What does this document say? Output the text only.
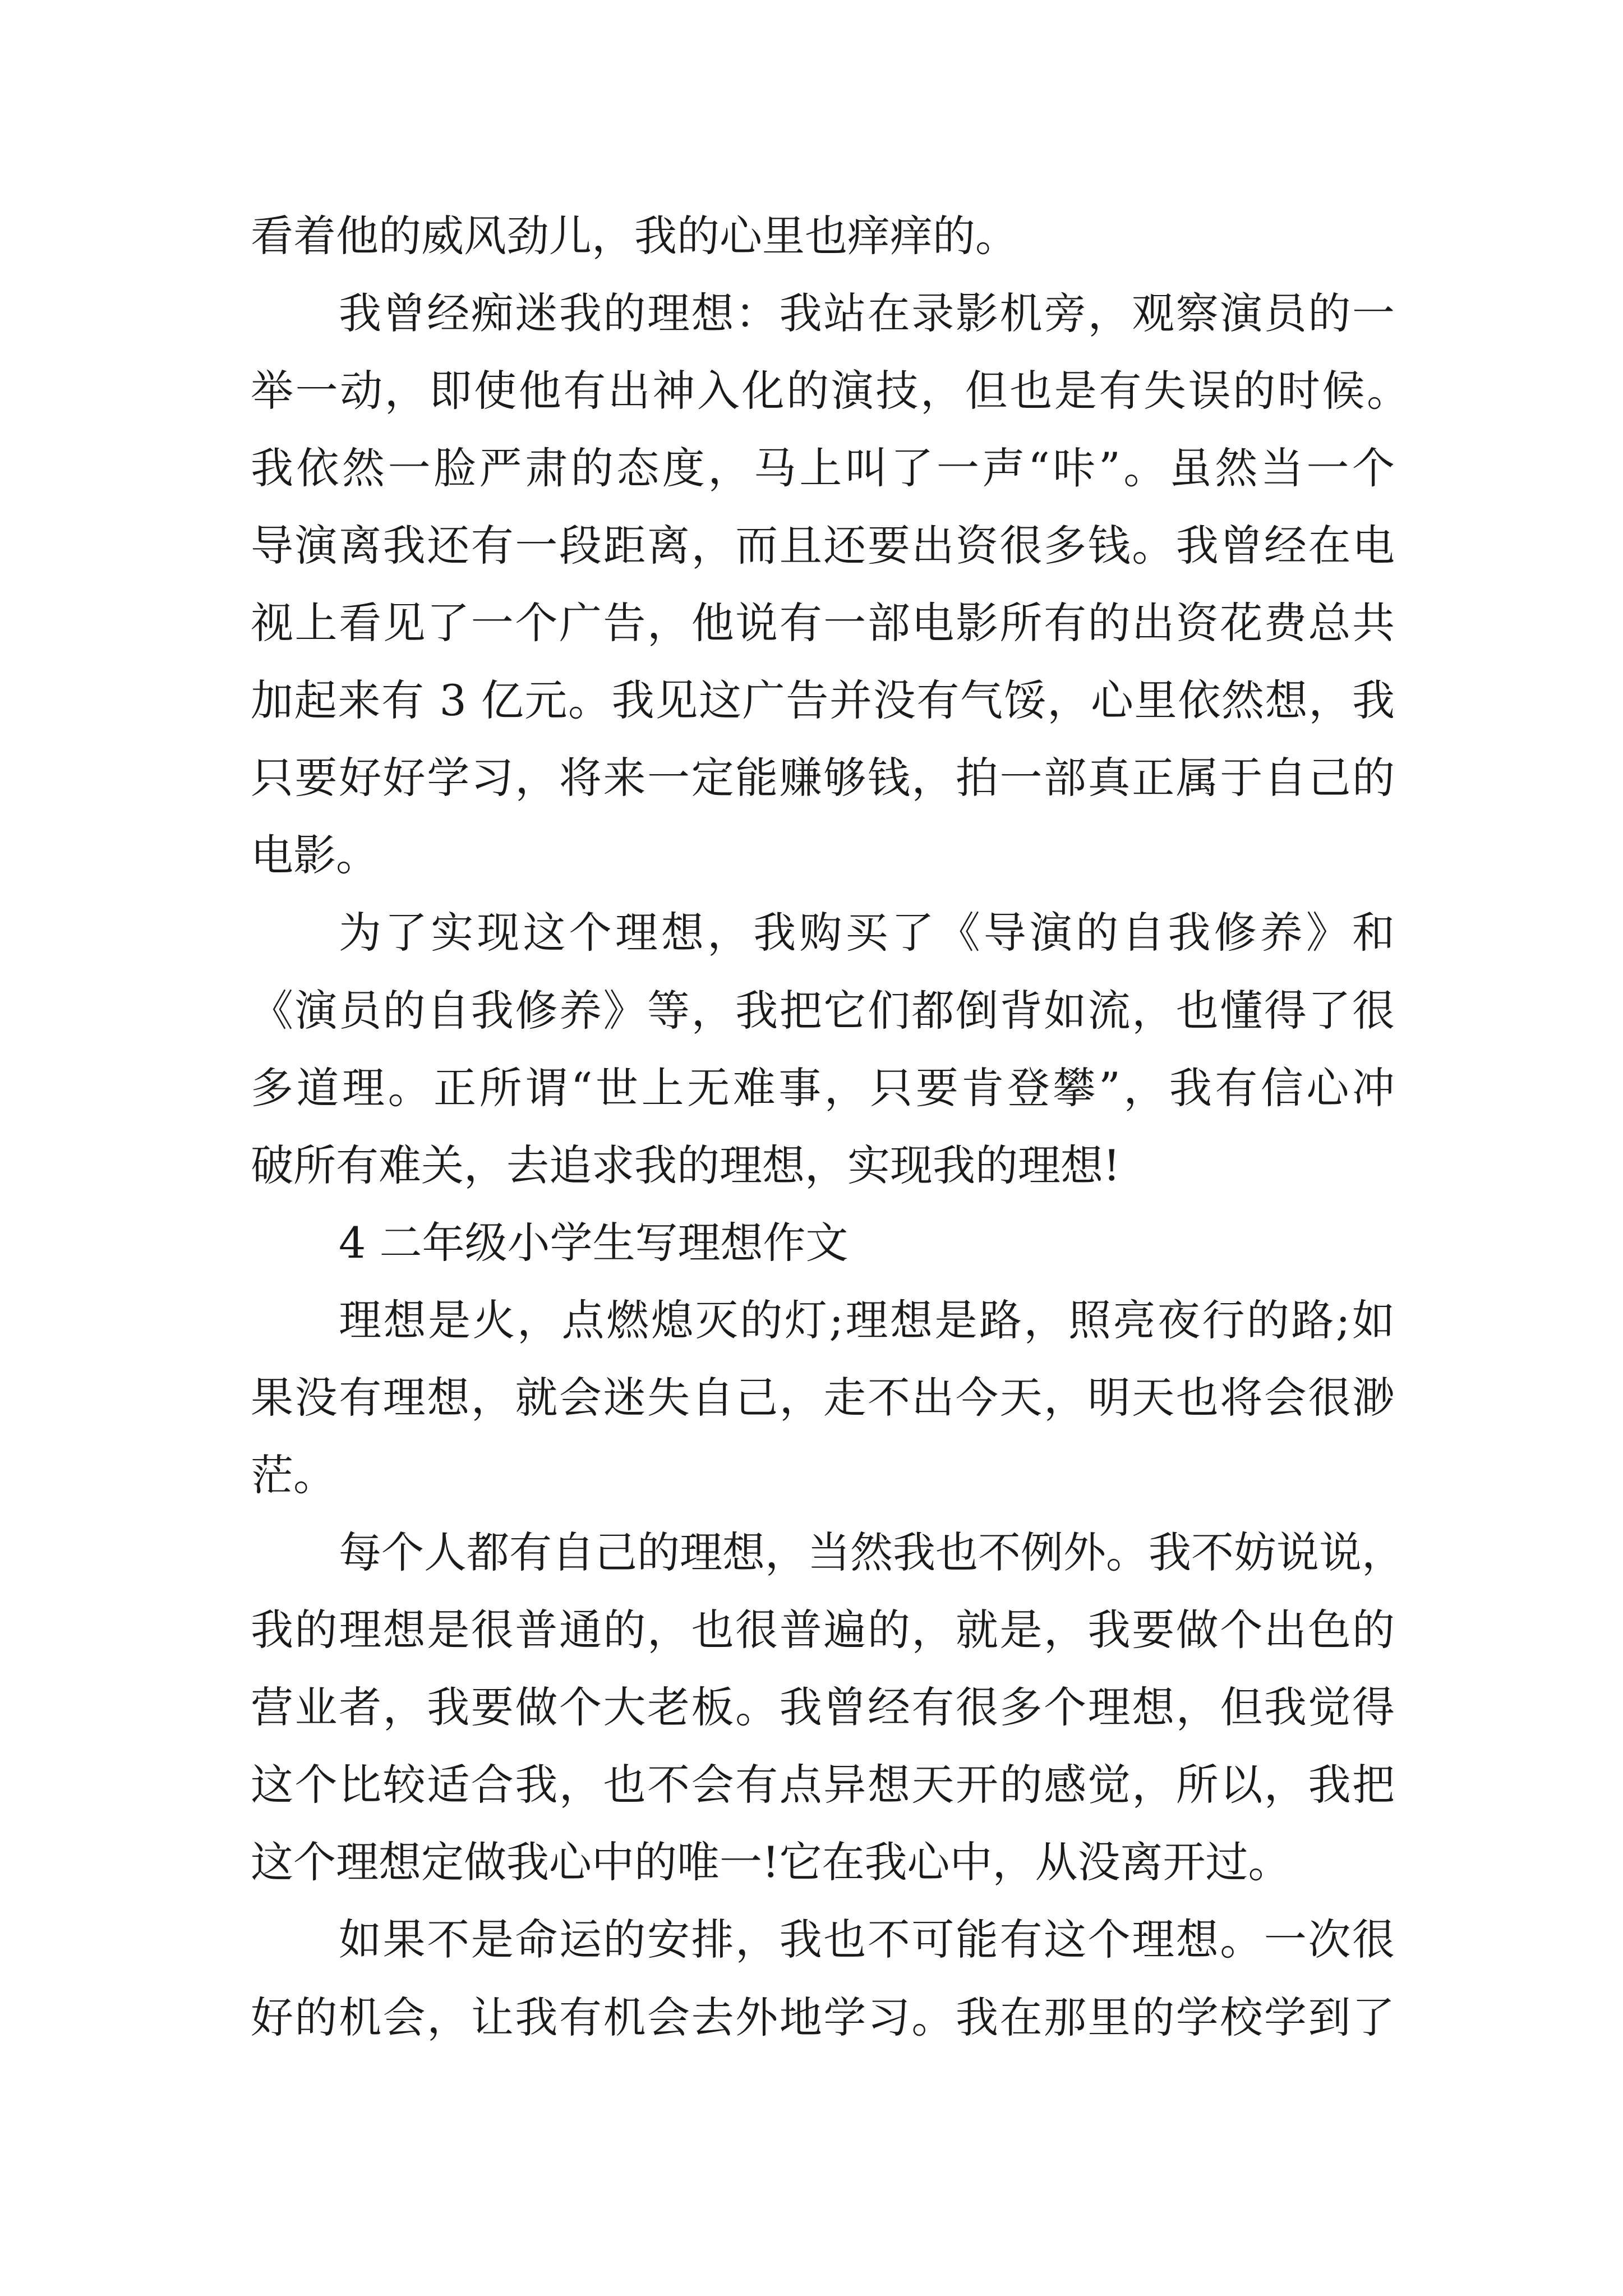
看着他的威风劲儿，我的心里也痒痒的。
我曾经痴迷我的理想：我站在录影机旁，观察演员的一
举一动，即使他有出神入化的演技，但也是有失误的时候。
我依然一脸严肃的态度，马上叫了一声“咔”。虽然当一个
导演离我还有一段距离，而且还要出资很多钱。我曾经在电
视上看见了一个广告，他说有一部电影所有的出资花费总共
加起来有 3 亿元。我见这广告并没有气馁，心里依然想，我
只要好好学习，将来一定能赚够钱，拍一部真正属于自己的
电影。
为了实现这个理想，我购买了《导演的自我修养》和
《演员的自我修养》等，我把它们都倒背如流，也懂得了很
多道理。正所谓“世上无难事，只要肯登攀”，我有信心冲
破所有难关，去追求我的理想，实现我的理想!
4 二年级小学生写理想作文
理想是火，点燃熄灭的灯;理想是路，照亮夜行的路;如
果没有理想，就会迷失自己，走不出今天，明天也将会很渺
茫。
每个人都有自己的理想，当然我也不例外。我不妨说说，
我的理想是很普通的，也很普遍的，就是，我要做个出色的
营业者，我要做个大老板。我曾经有很多个理想，但我觉得
这个比较适合我，也不会有点异想天开的感觉，所以，我把
这个理想定做我心中的唯一!它在我心中，从没离开过。
如果不是命运的安排，我也不可能有这个理想。一次很
好的机会，让我有机会去外地学习。我在那里的学校学到了
